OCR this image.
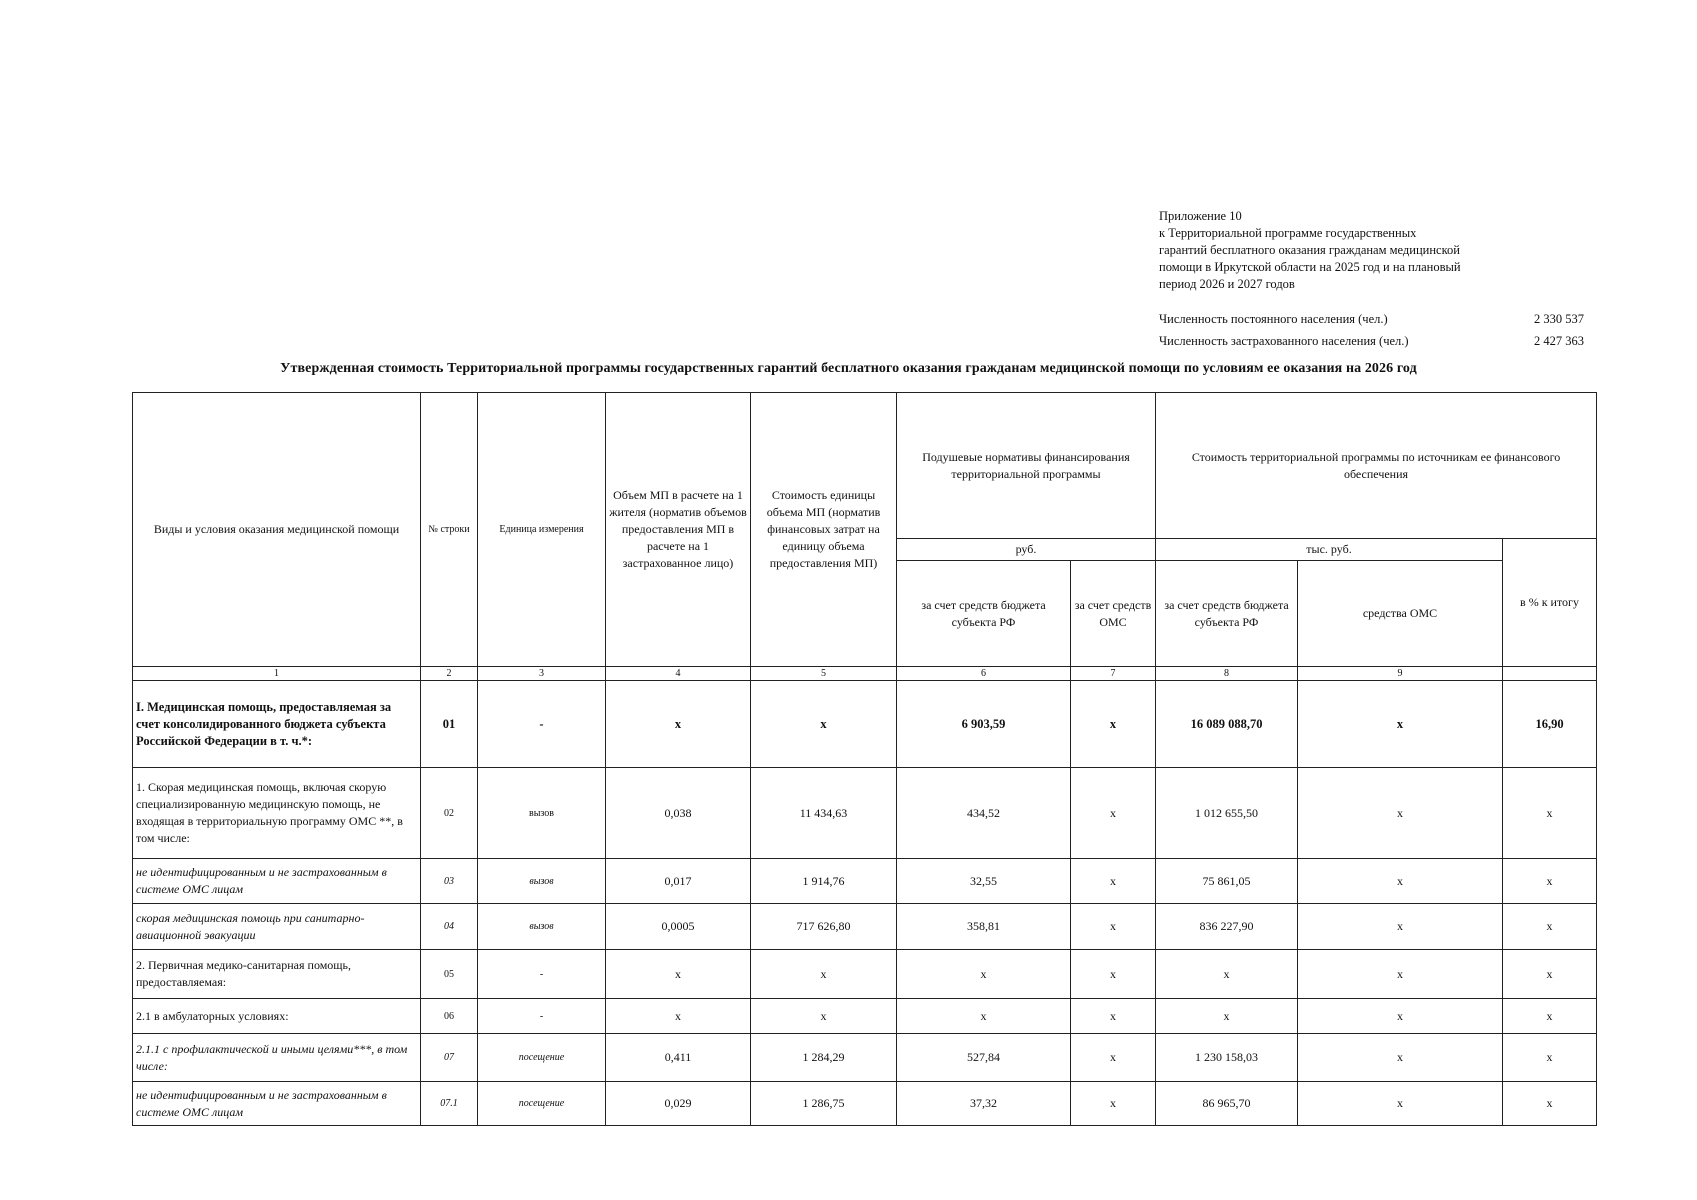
Приложение 10
к Территориальной программе государственных
гарантий бесплатного оказания гражданам медицинской
помощи в Иркутской области на 2025 год и на плановый
период 2026 и 2027 годов
Численность постоянного населения (чел.)	2 330 537
Численность застрахованного населения (чел.)	2 427 363
Утвержденная стоимость Территориальной программы государственных гарантий бесплатного оказания гражданам медицинской помощи по условиям ее оказания на 2026 год
Виды и условия оказания медицинской помощи	№ строки	Единица измерения	Объем МП в расчете на 1 жителя (норматив объемов предоставления МП в расчете на 1 застрахованное лицо)	Стоимость единицы объема МП (норматив финансовых затрат на единицу объема предоставления МП)	Подушевые нормативы финансирования территориальной программы		Стоимость территориальной программы по источникам ее финансового обеспечения		
					руб.		тыс. руб.		в % к итогу
					за счет средств бюджета субъекта РФ	за счет средств ОМС	за счет средств бюджета субъекта РФ	средства ОМС	
1	2	3	4	5	6	7	8	9	
I. Медицинская помощь, предоставляемая за счет консолидированного бюджета субъекта Российской Федерации в т. ч.*:	01	-	x	x	6 903,59	x	16 089 088,70	x	16,90
1. Скорая медицинская помощь, включая скорую специализированную медицинскую помощь, не входящая в территориальную программу ОМС **, в том числе:	02	вызов	0,038	11 434,63	434,52	x	1 012 655,50	x	x
не идентифицированным и не застрахованным в системе ОМС лицам	03	вызов	0,017	1 914,76	32,55	x	75 861,05	x	x
скорая медицинская помощь при санитарно-авиационной эвакуации	04	вызов	0,0005	717 626,80	358,81	x	836 227,90	x	x
2. Первичная медико-санитарная помощь, предоставляемая:	05	-	x	x	x	x	x	x	x
2.1 в амбулаторных условиях:	06	-	x	x	x	x	x	x	x
2.1.1 с профилактической и иными целями***, в том числе:	07	посещение	0,411	1 284,29	527,84	x	1 230 158,03	x	x
не идентифицированным и не застрахованным в системе ОМС лицам	07.1	посещение	0,029	1 286,75	37,32	x	86 965,70	x	x
